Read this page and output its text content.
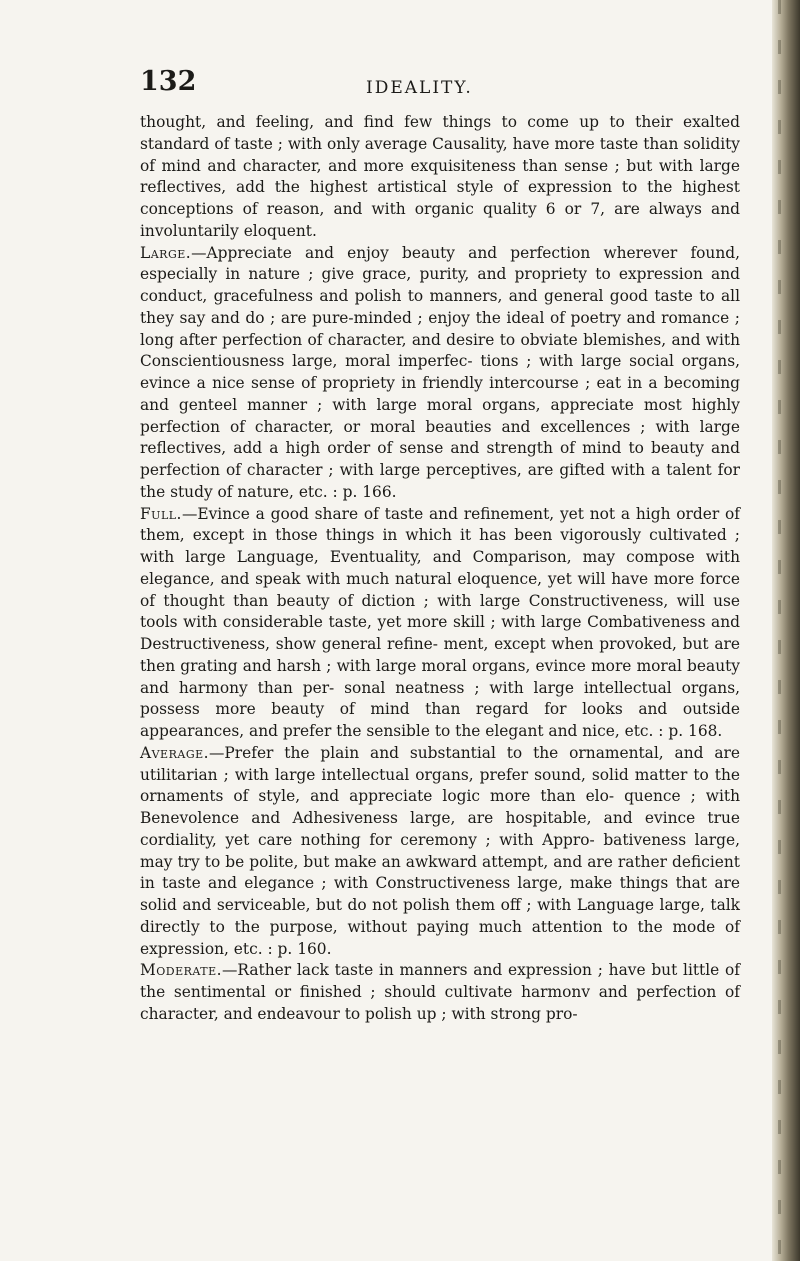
132	IDEALITY.

thought, and feeling, and find few things to come up to their exalted standard of taste ; with only average Causality, have more taste than solidity of mind and character, and more exquisiteness than sense ; but with large reflectives, add the highest artistical style of expression to the highest conceptions of reason, and with organic quality 6 or 7, are always and involuntarily eloquent.

Large.—Appreciate and enjoy beauty and perfection wherever found, especially in nature ; give grace, purity, and propriety to expression and conduct, gracefulness and polish to manners, and general good taste to all they say and do ; are pure-minded ; enjoy the ideal of poetry and romance ; long after perfection of character, and desire to obviate blemishes, and with Conscientiousness large, moral imperfec- tions ; with large social organs, evince a nice sense of propriety in friendly intercourse ; eat in a becoming and genteel manner ; with large moral organs, appreciate most highly perfection of character, or moral beauties and excellences ; with large reflectives, add a high order of sense and strength of mind to beauty and perfection of character ; with large perceptives, are gifted with a talent for the study of nature, etc. : p. 166.

Full.—Evince a good share of taste and refinement, yet not a high order of them, except in those things in which it has been vigorously cultivated ; with large Language, Eventuality, and Comparison, may compose with elegance, and speak with much natural eloquence, yet will have more force of thought than beauty of diction ; with large Constructiveness, will use tools with considerable taste, yet more skill ; with large Combativeness and Destructiveness, show general refine- ment, except when provoked, but are then grating and harsh ; with large moral organs, evince more moral beauty and harmony than per- sonal neatness ; with large intellectual organs, possess more beauty of mind than regard for looks and outside appearances, and prefer the sensible to the elegant and nice, etc. : p. 168.

Average.—Prefer the plain and substantial to the ornamental, and are utilitarian ; with large intellectual organs, prefer sound, solid matter to the ornaments of style, and appreciate logic more than elo- quence ; with Benevolence and Adhesiveness large, are hospitable, and evince true cordiality, yet care nothing for ceremony ; with Appro- bativeness large, may try to be polite, but make an awkward attempt, and are rather deficient in taste and elegance ; with Constructiveness large, make things that are solid and serviceable, but do not polish them off ; with Language large, talk directly to the purpose, without paying much attention to the mode of expression, etc. : p. 160.

Moderate.—Rather lack taste in manners and expression ; have but little of the sentimental or finished ; should cultivate harmonv and perfection of character, and endeavour to polish up ; with strong pro-
